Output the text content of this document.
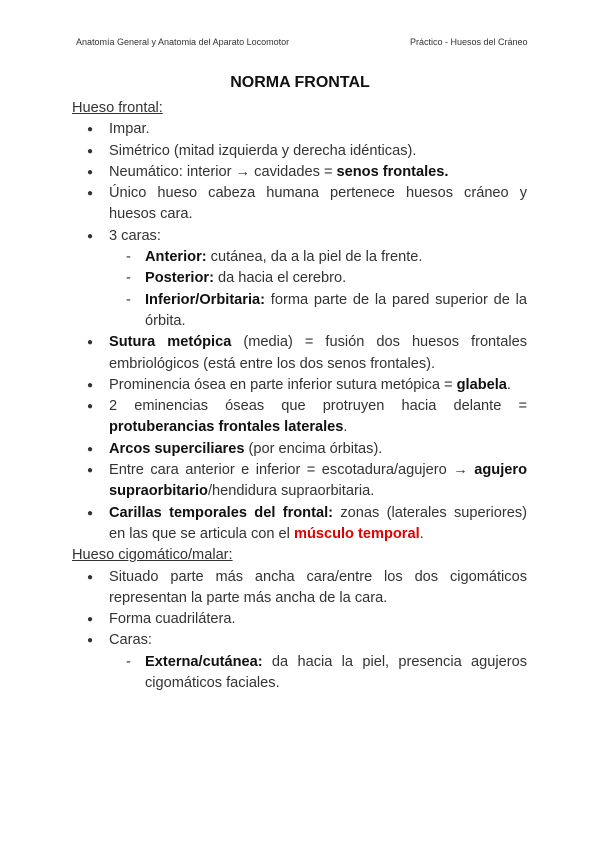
Anatomía General y Anatomia del Aparato Locomotor	Práctico - Huesos del Cráneo
NORMA FRONTAL

Hueso frontal:

● Impar.
● Simétrico (mitad izquierda y derecha idénticas).
● Neumático: interior → cavidades = senos frontales.
● Único hueso cabeza humana pertenece huesos cráneo y huesos cara.
● 3 caras:
- Anterior: cutánea, da a la piel de la frente.
- Posterior: da hacia el cerebro.
- Inferior/Orbitaria: forma parte de la pared superior de la órbita.
● Sutura metópica (media) = fusión dos huesos frontales embriológicos (está entre los dos senos frontales).
● Prominencia ósea en parte inferior sutura metópica = glabela.
● 2 eminencias óseas que protruyen hacia delante = protuberancias frontales laterales.
● Arcos superciliares (por encima órbitas).
● Entre cara anterior e inferior = escotadura/agujero → agujero supraorbitario/hendidura supraorbitaria.
● Carillas temporales del frontal: zonas (laterales superiores) en las que se articula con el músculo temporal.

Hueso cigomático/malar:

● Situado parte más ancha cara/entre los dos cigomáticos representan la parte más ancha de la cara.
● Forma cuadrilátera.
● Caras:
- Externa/cutánea: da hacia la piel, presencia agujeros cigomáticos faciales.
